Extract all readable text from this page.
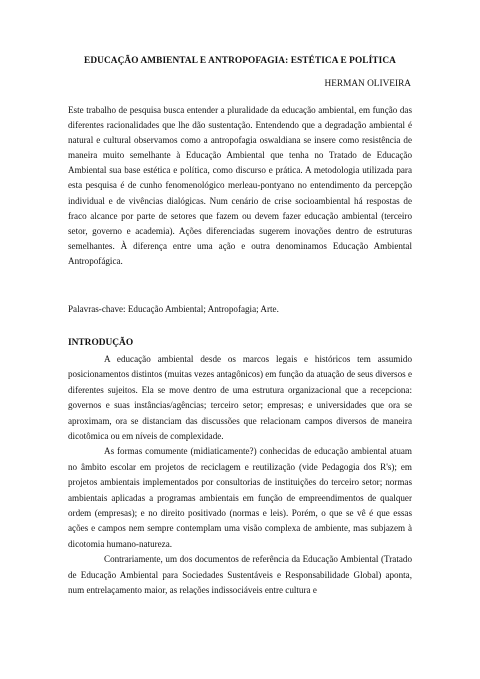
EDUCAÇÃO AMBIENTAL E ANTROPOFAGIA: ESTÉTICA E POLÍTICA
HERMAN OLIVEIRA

Este trabalho de pesquisa busca entender a pluralidade da educação ambiental, em função das diferentes racionalidades que lhe dão sustentação. Entendendo que a degradação ambiental é natural e cultural observamos como a antropofagia oswaldiana se insere como resistência de maneira muito semelhante à Educação Ambiental que tenha no Tratado de Educação Ambiental sua base estética e política, como discurso e prática. A metodologia utilizada para esta pesquisa é de cunho fenomenológico merleau-pontyano no entendimento da percepção individual e de vivências dialógicas. Num cenário de crise socioambiental há respostas de fraco alcance por parte de setores que fazem ou devem fazer educação ambiental (terceiro setor, governo e academia). Ações diferenciadas sugerem inovações dentro de estruturas semelhantes. À diferença entre uma ação e outra denominamos Educação Ambiental Antropofágica.

Palavras-chave: Educação Ambiental; Antropofagia; Arte.

INTRODUÇÃO

A educação ambiental desde os marcos legais e históricos tem assumido posicionamentos distintos (muitas vezes antagônicos) em função da atuação de seus diversos e diferentes sujeitos. Ela se move dentro de uma estrutura organizacional que a recepciona: governos e suas instâncias/agências; terceiro setor; empresas; e universidades que ora se aproximam, ora se distanciam das discussões que relacionam campos diversos de maneira dicotômica ou em níveis de complexidade.

As formas comumente (midiaticamente?) conhecidas de educação ambiental atuam no âmbito escolar em projetos de reciclagem e reutilização (vide Pedagogia dos R's); em projetos ambientais implementados por consultorias de instituições do terceiro setor; normas ambientais aplicadas a programas ambientais em função de empreendimentos de qualquer ordem (empresas); e no direito positivado (normas e leis). Porém, o que se vê é que essas ações e campos nem sempre contemplam uma visão complexa de ambiente, mas subjazem à dicotomia humano-natureza.

Contrariamente, um dos documentos de referência da Educação Ambiental (Tratado de Educação Ambiental para Sociedades Sustentáveis e Responsabilidade Global) aponta, num entrelaçamento maior, as relações indissociáveis entre cultura e
